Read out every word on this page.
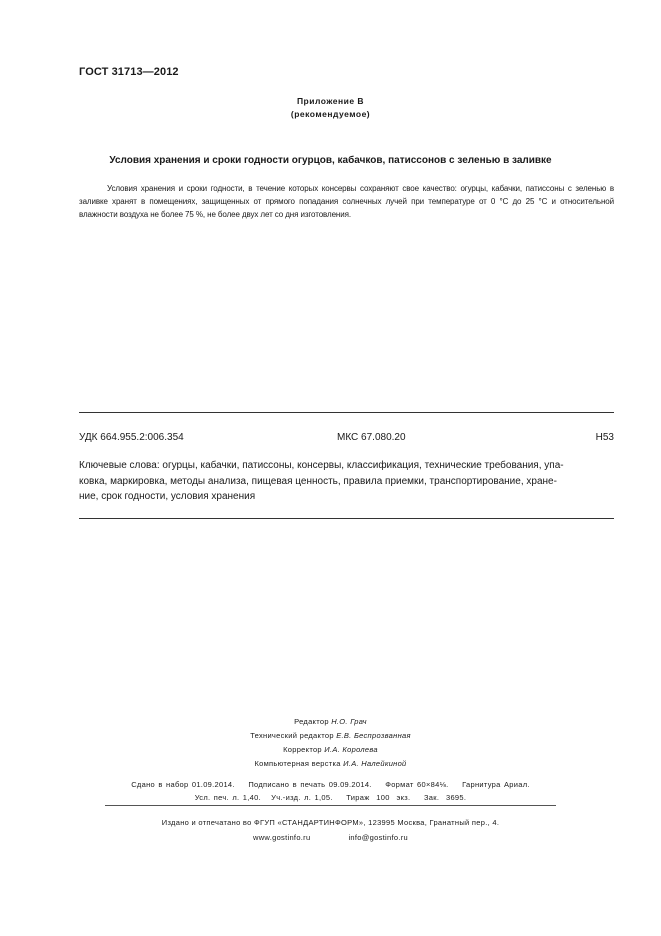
ГОСТ 31713—2012
Приложение В
(рекомендуемое)
Условия хранения и сроки годности огурцов, кабачков, патиссонов с зеленью в заливке

Условия хранения и сроки годности, в течение которых консервы сохраняют свое качество: огурцы, кабачки, патиссоны с зеленью в заливке хранят в помещениях, защищенных от прямого попадания солнечных лучей при температуре от 0 °С до 25 °С и относительной влажности воздуха не более 75 %, не более двух лет со дня изготовления.

УДК 664.955.2:006.354	МКС 67.080.20	Н53
Ключевые слова: огурцы, кабачки, патиссоны, консервы, классификация, технические требования, упа-
ковка, маркировка, методы анализа, пищевая ценность, правила приемки, транспортирование, хране-
ние, срок годности, условия хранения
Редактор Н.О. Грач
Технический редактор Е.В. Беспрозванная
Корректор И.А. Королева
Компьютерная верстка И.А. Налейкиной
Сдано в набор 01.09.2014.    Подписано в печать 09.09.2014.    Формат 60×84⅛.    Гарнитура Ариал.
Усл. печ. л. 1,40.   Уч.-изд. л. 1,05.    Тираж  100  экз.    Зак.  3695.
Издано и отпечатано во ФГУП «СТАНДАРТИНФОРМ», 123995 Москва, Гранатный пер., 4.
www.gostinfo.ru	info@gostinfo.ru
